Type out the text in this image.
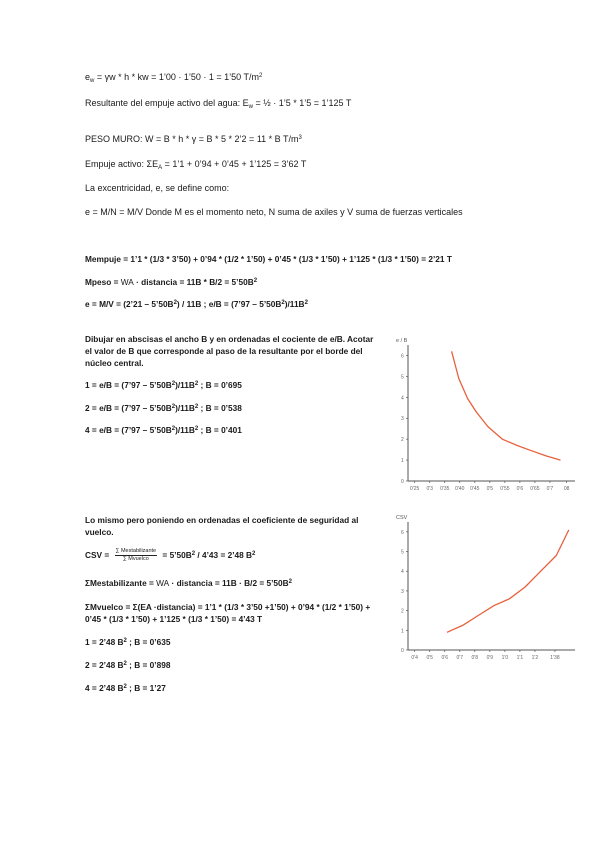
$e_w = \gamma w * h$ * kw = 1’00 · 1’50 · 1 = 1’50 $T/m^2$
Resultante del empuje activo del agua: $E_w$ = ½ · 1’5 * 1’5 = 1’125 T
PESO MURO: W = B * h * γ = B * 5 * 2’2 = 11 * B $T/m^3$
Empuje activo: $\Sigma E_A$ = 1’1 + 0’94 + 0’45 + 1’125 = 3’62 T
La excentricidad, e, se define como:
e = M/N = M/V Donde M es el momento neto, N suma de axiles y V suma de fuerzas verticales
Mempuje = 1’1 * (1/3 * 3’50) + 0’94 * (1/2 * 1’50) + 0’45 * (1/3 * 1’50) + 1’125 * (1/3 * 1’50) = 2’21 T
Mpeso = WA · distancia = $11B * B/2 = 5’50B^2$
e = M/V = (2’21 – $5’50B^2) / 11B$ ; e/B = (7’97 – $5’50B^2)/11B^2$
Dibujar en abscisas el ancho B y en ordenadas el cociente de e/B. Acotar el valor de B que corresponde al paso de la resultante por el borde del núcleo central.
1 = e/B = (7’97 – $5’50B^2)/11B^2$ ; B = 0’695
2 = e/B = (7’97 – $5’50B^2)/11B^2$ ; B = 0’538
4 = e/B = (7’97 – $5’50B^2)/11B^2$ ; B = 0’401
Lo mismo pero poniendo en ordenadas el coeficiente de seguridad al vuelco.
CSV = $\frac{\text{∑ Mestabilizante}}{\text{∑ Mvuelco}}$ = $5’50B^2$ / 4’43 = 2’48 $B^2$
ΣMestabilizante = WA · distancia = $11B \cdot B/2 = 5’50B^2$
ΣMvuelco = Σ(EA ·distancia) = 1’1 * (1/3 * 3’50 +1’50) + 0’94 * (1/2 * 1’50) + 0’45 * (1/3 * 1’50) + 1’125 * (1/3 * 1’50) = 4’43 T
1 = 2’48 $B^2$ ; B = 0’635
2 = 2’48 $B^2$ ; B = 0’898
4 = 2’48 $B^2$ ; B = 1’27
e / B
0
1
2
3
4
5
6
0'25 0'3 0'35 0'40 0'45 0'5 0'55 0'6 0'65 0'7 08
CSV
0
1
2
3
4
5
6
0'4 0'5 0'6 0'7 0'8 0'9 1'0 1'1 1'2 1'38
